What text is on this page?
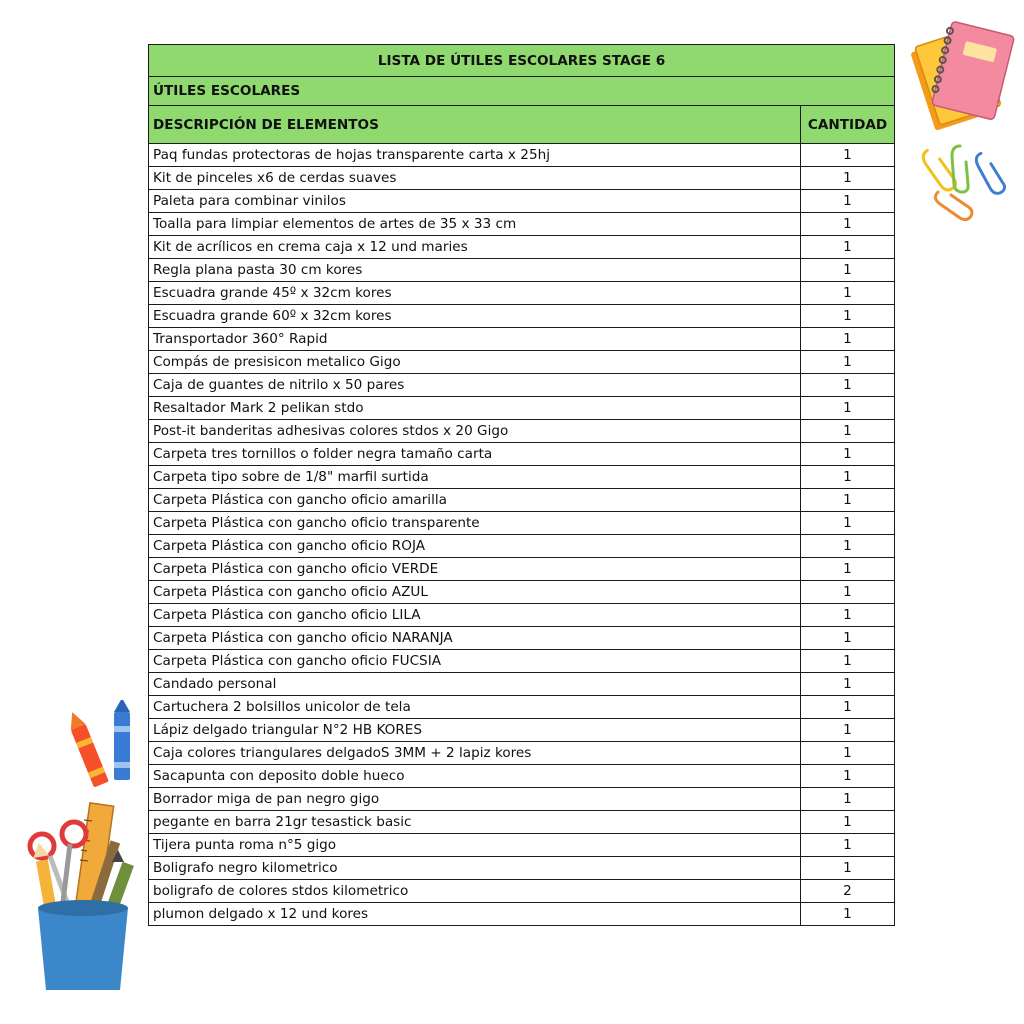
LISTA DE ÚTILES ESCOLARES STAGE 6	
ÚTILES ESCOLARES	
DESCRIPCIÓN DE ELEMENTOS	CANTIDAD
Paq fundas protectoras de hojas transparente carta x 25hj	1
Kit de pinceles x6 de cerdas suaves	1
Paleta para combinar vinilos	1
Toalla para limpiar elementos de artes de 35 x 33 cm	1
Kit de acrílicos en crema caja x 12 und maries	1
Regla plana pasta 30 cm kores	1
Escuadra grande 45º x 32cm kores	1
Escuadra grande 60º x 32cm kores	1
Transportador 360° Rapid	1
Compás de presisicon metalico Gigo	1
Caja de guantes de nitrilo x 50 pares	1
Resaltador Mark 2 pelikan stdo	1
Post-it banderitas adhesivas colores stdos x 20 Gigo	1
Carpeta tres tornillos o folder negra tamaño carta	1
Carpeta tipo sobre de 1/8" marfil surtida	1
Carpeta Plástica con gancho oficio amarilla	1
Carpeta Plástica con gancho oficio transparente	1
Carpeta Plástica con gancho oficio ROJA	1
Carpeta Plástica con gancho oficio VERDE	1
Carpeta Plástica con gancho oficio AZUL	1
Carpeta Plástica con gancho oficio LILA	1
Carpeta Plástica con gancho oficio NARANJA	1
Carpeta Plástica con gancho oficio FUCSIA	1
Candado personal	1
Cartuchera 2 bolsillos unicolor de tela	1
Lápiz delgado triangular N°2 HB KORES	1
Caja colores triangulares delgadoS 3MM + 2 lapiz kores	1
Sacapunta con deposito doble hueco	1
Borrador miga de pan negro gigo	1
pegante en barra 21gr tesastick basic	1
Tijera punta roma n°5 gigo	1
Boligrafo negro kilometrico	1
boligrafo de colores stdos kilometrico	2
plumon delgado x 12 und kores	1
